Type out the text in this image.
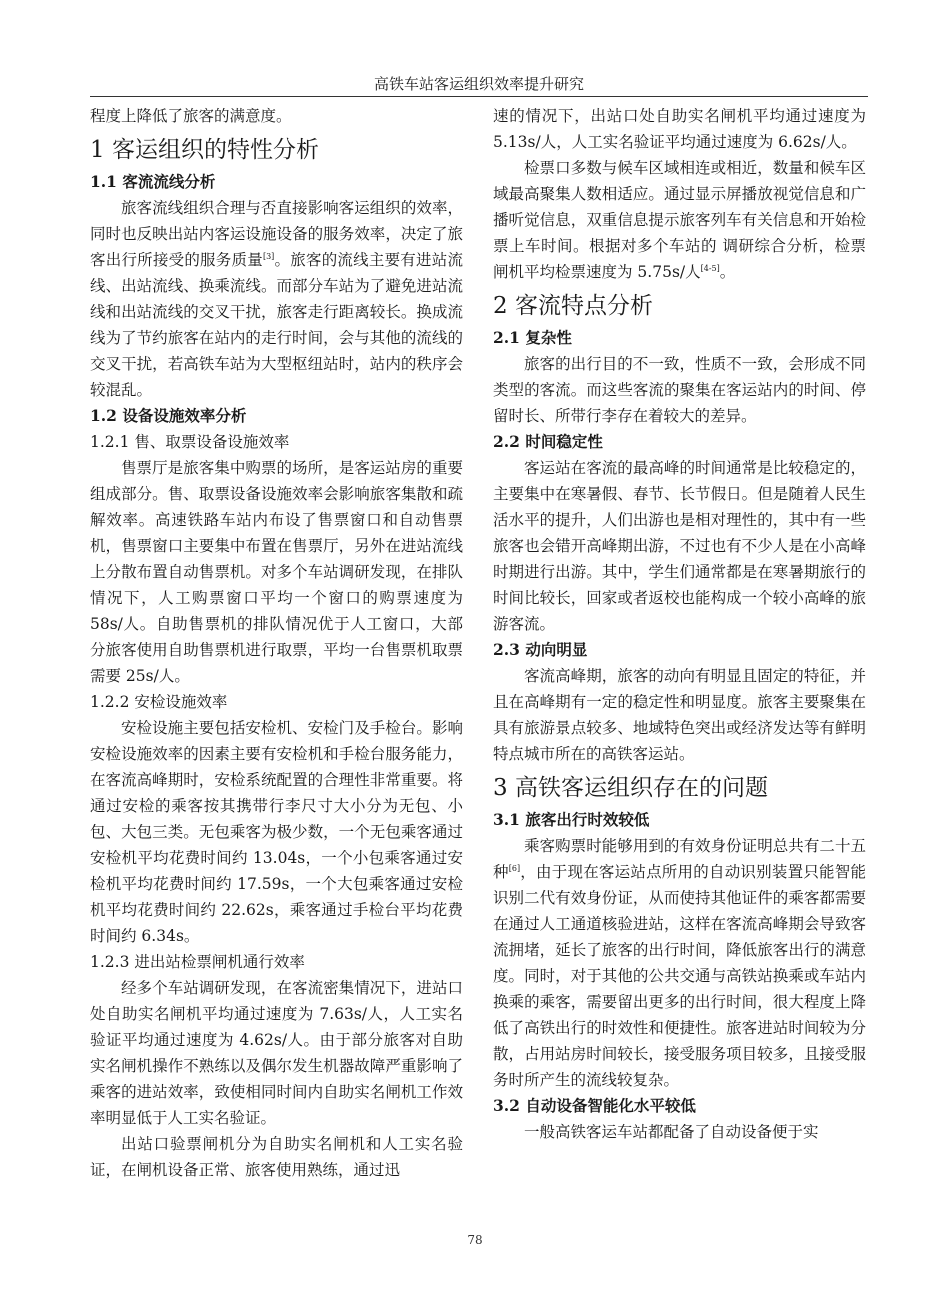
高铁车站客运组织效率提升研究

程度上降低了旅客的满意度。

1 客运组织的特性分析
1.1 客流流线分析

旅客流线组织合理与否直接影响客运组织的效率，同时也反映出站内客运设施设备的服务效率，决定了旅客出行所接受的服务质量[3]。旅客的流线主要有进站流线、出站流线、换乘流线。而部分车站为了避免进站流线和出站流线的交叉干扰，旅客走行距离较长。换成流线为了节约旅客在站内的走行时间，会与其他的流线的交叉干扰，若高铁车站为大型枢纽站时，站内的秩序会较混乱。

1.2 设备设施效率分析
1.2.1 售、取票设备设施效率

售票厅是旅客集中购票的场所，是客运站房的重要组成部分。售、取票设备设施效率会影响旅客集散和疏解效率。高速铁路车站内布设了售票窗口和自动售票机，售票窗口主要集中布置在售票厅，另外在进站流线上分散布置自动售票机。对多个车站调研发现，在排队情况下，人工购票窗口平均一个窗口的购票速度为 58s/人。自助售票机的排队情况优于人工窗口，大部分旅客使用自助售票机进行取票，平均一台售票机取票需要 25s/人。

1.2.2 安检设施效率

安检设施主要包括安检机、安检门及手检台。影响安检设施效率的因素主要有安检机和手检台服务能力，在客流高峰期时，安检系统配置的合理性非常重要。将通过安检的乘客按其携带行李尺寸大小分为无包、小包、大包三类。无包乘客为极少数，一个无包乘客通过安检机平均花费时间约 13.04s，一个小包乘客通过安检机平均花费时间约 17.59s，一个大包乘客通过安检机平均花费时间约 22.62s，乘客通过手检台平均花费时间约 6.34s。

1.2.3 进出站检票闸机通行效率

经多个车站调研发现，在客流密集情况下，进站口处自助实名闸机平均通过速度为 7.63s/人，人工实名验证平均通过速度为 4.62s/人。由于部分旅客对自助实名闸机操作不熟练以及偶尔发生机器故障严重影响了乘客的进站效率，致使相同时间内自助实名闸机工作效率明显低于人工实名验证。

出站口验票闸机分为自助实名闸机和人工实名验证，在闸机设备正常、旅客使用熟练，通过迅

速的情况下，出站口处自助实名闸机平均通过速度为 5.13s/人，人工实名验证平均通过速度为 6.62s/人。

检票口多数与候车区域相连或相近，数量和候车区域最高聚集人数相适应。通过显示屏播放视觉信息和广播听觉信息，双重信息提示旅客列车有关信息和开始检票上车时间。根据对多个车站的 调研综合分析，检票闸机平均检票速度为 5.75s/人[4-5]。

2 客流特点分析
2.1 复杂性

旅客的出行目的不一致，性质不一致，会形成不同类型的客流。而这些客流的聚集在客运站内的时间、停留时长、所带行李存在着较大的差异。

2.2 时间稳定性

客运站在客流的最高峰的时间通常是比较稳定的，主要集中在寒暑假、春节、长节假日。但是随着人民生活水平的提升，人们出游也是相对理性的，其中有一些旅客也会错开高峰期出游，不过也有不少人是在小高峰时期进行出游。其中，学生们通常都是在寒暑期旅行的时间比较长，回家或者返校也能构成一个较小高峰的旅游客流。

2.3 动向明显

客流高峰期，旅客的动向有明显且固定的特征，并且在高峰期有一定的稳定性和明显度。旅客主要聚集在具有旅游景点较多、地域特色突出或经济发达等有鲜明特点城市所在的高铁客运站。

3 高铁客运组织存在的问题
3.1 旅客出行时效较低

乘客购票时能够用到的有效身份证明总共有二十五种[6]，由于现在客运站点所用的自动识别装置只能智能识别二代有效身份证，从而使持其他证件的乘客都需要在通过人工通道核验进站，这样在客流高峰期会导致客流拥堵，延长了旅客的出行时间，降低旅客出行的满意度。同时，对于其他的公共交通与高铁站换乘或车站内换乘的乘客，需要留出更多的出行时间，很大程度上降低了高铁出行的时效性和便捷性。旅客进站时间较为分散，占用站房时间较长，接受服务项目较多，且接受服务时所产生的流线较复杂。

3.2 自动设备智能化水平较低

一般高铁客运车站都配备了自动设备便于实

78
